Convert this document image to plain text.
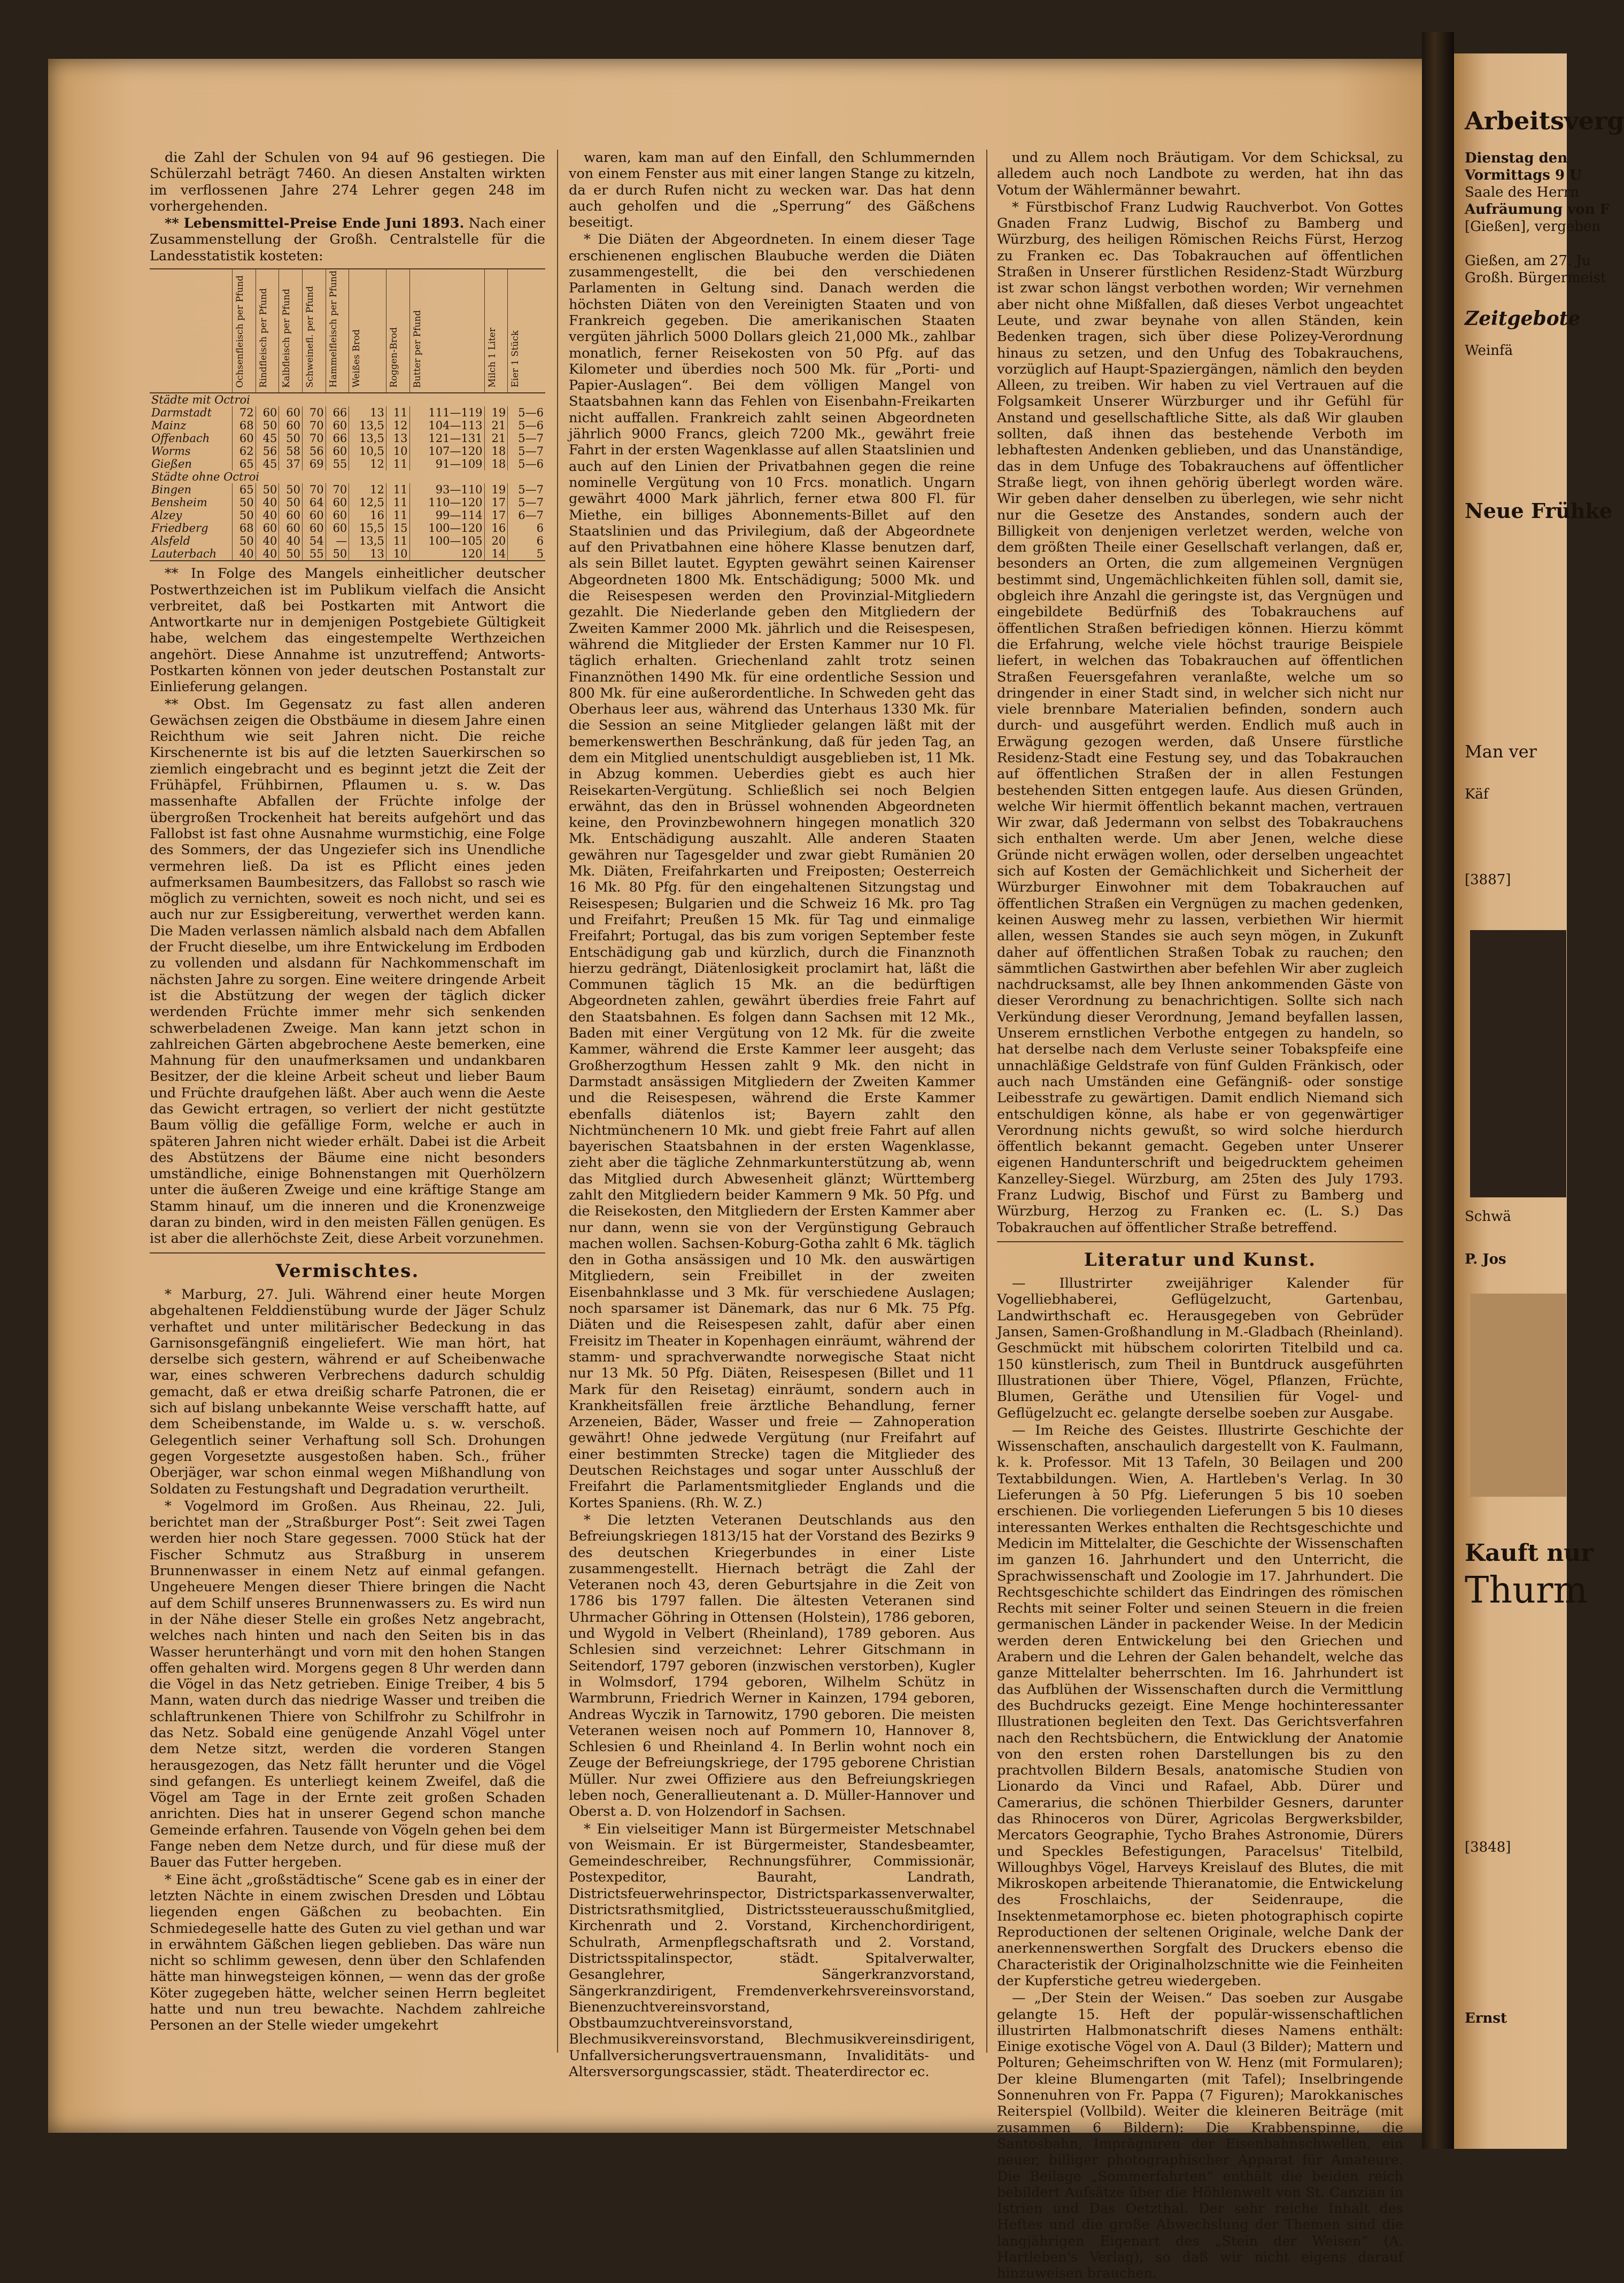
die Zahl der Schulen von 94 auf 96 gestiegen. Die Schülerzahl beträgt 7460. An diesen Anstalten wirkten im verflossenen Jahre 274 Lehrer gegen 248 im vorhergehenden.

** Lebensmittel-Preise Ende Juni 1893. Nach einer Zusammenstellung der Großh. Centralstelle für die Landesstatistik kosteten:

	Ochsenfleisch per Pfund	Rindfleisch per Pfund	Kalbfleisch per Pfund	Schweinefl. per Pfund	Hammelfleisch per Pfund	Weißes Brod	Roggen-Brod	Butter per Pfund	Milch 1 Liter	Eier 1 Stück
Städte mit Octroi										
Darmstadt	72	60	60	70	66	13	11	111—119	19	5—6
Mainz	68	50	60	70	60	13,5	12	104—113	21	5—6
Offenbach	60	45	50	70	66	13,5	13	121—131	21	5—7
Worms	62	56	58	56	60	10,5	10	107—120	18	5—7
Gießen	65	45	37	69	55	12	11	91—109	18	5—6
Städte ohne Octroi										
Bingen	65	50	50	70	70	12	11	93—110	19	5—7
Bensheim	50	40	50	64	60	12,5	11	110—120	17	5—7
Alzey	50	40	60	60	60	16	11	99—114	17	6—7
Friedberg	68	60	60	60	60	15,5	15	100—120	16	6
Alsfeld	50	40	40	54	—	13,5	11	100—105	20	6
Lauterbach	40	40	50	55	50	13	10	120	14	5

** In Folge des Mangels einheitlicher deutscher Postwerthzeichen ist im Publikum vielfach die Ansicht verbreitet, daß bei Postkarten mit Antwort die Antwortkarte nur in demjenigen Postgebiete Gültigkeit habe, welchem das eingestempelte Werthzeichen angehört. Diese Annahme ist unzutreffend; Antworts-Postkarten können von jeder deutschen Postanstalt zur Einlieferung gelangen.

** Obst. Im Gegensatz zu fast allen anderen Gewächsen zeigen die Obstbäume in diesem Jahre einen Reichthum wie seit Jahren nicht. Die reiche Kirschenernte ist bis auf die letzten Sauerkirschen so ziemlich eingebracht und es beginnt jetzt die Zeit der Frühäpfel, Frühbirnen, Pflaumen u. s. w. Das massenhafte Abfallen der Früchte infolge der übergroßen Trockenheit hat bereits aufgehört und das Fallobst ist fast ohne Ausnahme wurmstichig, eine Folge des Sommers, der das Ungeziefer sich ins Unendliche vermehren ließ. Da ist es Pflicht eines jeden aufmerksamen Baumbesitzers, das Fallobst so rasch wie möglich zu vernichten, soweit es noch nicht, und sei es auch nur zur Essigbereitung, verwerthet werden kann. Die Maden verlassen nämlich alsbald nach dem Abfallen der Frucht dieselbe, um ihre Entwickelung im Erdboden zu vollenden und alsdann für Nachkommenschaft im nächsten Jahre zu sorgen. Eine weitere dringende Arbeit ist die Abstützung der wegen der täglich dicker werdenden Früchte immer mehr sich senkenden schwerbeladenen Zweige. Man kann jetzt schon in zahlreichen Gärten abgebrochene Aeste bemerken, eine Mahnung für den unaufmerksamen und undankbaren Besitzer, der die kleine Arbeit scheut und lieber Baum und Früchte draufgehen läßt. Aber auch wenn die Aeste das Gewicht ertragen, so verliert der nicht gestützte Baum völlig die gefällige Form, welche er auch in späteren Jahren nicht wieder erhält. Dabei ist die Arbeit des Abstützens der Bäume eine nicht besonders umständliche, einige Bohnenstangen mit Querhölzern unter die äußeren Zweige und eine kräftige Stange am Stamm hinauf, um die inneren und die Kronenzweige daran zu binden, wird in den meisten Fällen genügen. Es ist aber die allerhöchste Zeit, diese Arbeit vorzunehmen.

Vermischtes.

* Marburg, 27. Juli. Während einer heute Morgen abgehaltenen Felddienstübung wurde der Jäger Schulz verhaftet und unter militärischer Bedeckung in das Garnisonsgefängniß eingeliefert. Wie man hört, hat derselbe sich gestern, während er auf Scheibenwache war, eines schweren Verbrechens dadurch schuldig gemacht, daß er etwa dreißig scharfe Patronen, die er sich auf bislang unbekannte Weise verschafft hatte, auf dem Scheibenstande, im Walde u. s. w. verschoß. Gelegentlich seiner Verhaftung soll Sch. Drohungen gegen Vorgesetzte ausgestoßen haben. Sch., früher Oberjäger, war schon einmal wegen Mißhandlung von Soldaten zu Festungshaft und Degradation verurtheilt.

* Vogelmord im Großen. Aus Rheinau, 22. Juli, berichtet man der „Straßburger Post“: Seit zwei Tagen werden hier noch Stare gegessen. 7000 Stück hat der Fischer Schmutz aus Straßburg in unserem Brunnenwasser in einem Netz auf einmal gefangen. Ungeheuere Mengen dieser Thiere bringen die Nacht auf dem Schilf unseres Brunnenwassers zu. Es wird nun in der Nähe dieser Stelle ein großes Netz angebracht, welches nach hinten und nach den Seiten bis in das Wasser herunterhängt und vorn mit den hohen Stangen offen gehalten wird. Morgens gegen 8 Uhr werden dann die Vögel in das Netz getrieben. Einige Treiber, 4 bis 5 Mann, waten durch das niedrige Wasser und treiben die schlaftrunkenen Thiere von Schilfrohr zu Schilfrohr in das Netz. Sobald eine genügende Anzahl Vögel unter dem Netze sitzt, werden die vorderen Stangen herausgezogen, das Netz fällt herunter und die Vögel sind gefangen. Es unterliegt keinem Zweifel, daß die Vögel am Tage in der Ernte zeit großen Schaden anrichten. Dies hat in unserer Gegend schon manche Gemeinde erfahren. Tausende von Vögeln gehen bei dem Fange neben dem Netze durch, und für diese muß der Bauer das Futter hergeben.

* Eine ächt „großstädtische“ Scene gab es in einer der letzten Nächte in einem zwischen Dresden und Löbtau liegenden engen Gäßchen zu beobachten. Ein Schmiedegeselle hatte des Guten zu viel gethan und war in erwähntem Gäßchen liegen geblieben. Das wäre nun nicht so schlimm gewesen, denn über den Schlafenden hätte man hinwegsteigen können, — wenn das der große Köter zugegeben hätte, welcher seinen Herrn begleitet hatte und nun treu bewachte. Nachdem zahlreiche Personen an der Stelle wieder umgekehrt

waren, kam man auf den Einfall, den Schlummernden von einem Fenster aus mit einer langen Stange zu kitzeln, da er durch Rufen nicht zu wecken war. Das hat denn auch geholfen und die „Sperrung“ des Gäßchens beseitigt.

* Die Diäten der Abgeordneten. In einem dieser Tage erschienenen englischen Blaubuche werden die Diäten zusammengestellt, die bei den verschiedenen Parlamenten in Geltung sind. Danach werden die höchsten Diäten von den Vereinigten Staaten und von Frankreich gegeben. Die amerikanischen Staaten vergüten jährlich 5000 Dollars gleich 21,000 Mk., zahlbar monatlich, ferner Reisekosten von 50 Pfg. auf das Kilometer und überdies noch 500 Mk. für „Porti- und Papier-Auslagen“. Bei dem völligen Mangel von Staatsbahnen kann das Fehlen von Eisenbahn-Freikarten nicht auffallen. Frankreich zahlt seinen Abgeordneten jährlich 9000 Francs, gleich 7200 Mk., gewährt freie Fahrt in der ersten Wagenklasse auf allen Staatslinien und auch auf den Linien der Privatbahnen gegen die reine nominelle Vergütung von 10 Frcs. monatlich. Ungarn gewährt 4000 Mark jährlich, ferner etwa 800 Fl. für Miethe, ein billiges Abonnements-Billet auf den Staatslinien und das Privilegium, daß der Abgeordnete auf den Privatbahnen eine höhere Klasse benutzen darf, als sein Billet lautet. Egypten gewährt seinen Kairenser Abgeordneten 1800 Mk. Entschädigung; 5000 Mk. und die Reisespesen werden den Provinzial-Mitgliedern gezahlt. Die Niederlande geben den Mitgliedern der Zweiten Kammer 2000 Mk. jährlich und die Reisespesen, während die Mitglieder der Ersten Kammer nur 10 Fl. täglich erhalten. Griechenland zahlt trotz seinen Finanznöthen 1490 Mk. für eine ordentliche Session und 800 Mk. für eine außerordentliche. In Schweden geht das Oberhaus leer aus, während das Unterhaus 1330 Mk. für die Session an seine Mitglieder gelangen läßt mit der bemerkenswerthen Beschränkung, daß für jeden Tag, an dem ein Mitglied unentschuldigt ausgeblieben ist, 11 Mk. in Abzug kommen. Ueberdies giebt es auch hier Reisekarten-Vergütung. Schließlich sei noch Belgien erwähnt, das den in Brüssel wohnenden Abgeordneten keine, den Provinzbewohnern hingegen monatlich 320 Mk. Entschädigung auszahlt. Alle anderen Staaten gewähren nur Tagesgelder und zwar giebt Rumänien 20 Mk. Diäten, Freifahrkarten und Freiposten; Oesterreich 16 Mk. 80 Pfg. für den eingehaltenen Sitzungstag und Reisespesen; Bulgarien und die Schweiz 16 Mk. pro Tag und Freifahrt; Preußen 15 Mk. für Tag und einmalige Freifahrt; Portugal, das bis zum vorigen September feste Entschädigung gab und kürzlich, durch die Finanznoth hierzu gedrängt, Diätenlosigkeit proclamirt hat, läßt die Communen täglich 15 Mk. an die bedürftigen Abgeordneten zahlen, gewährt überdies freie Fahrt auf den Staatsbahnen. Es folgen dann Sachsen mit 12 Mk., Baden mit einer Vergütung von 12 Mk. für die zweite Kammer, während die Erste Kammer leer ausgeht; das Großherzogthum Hessen zahlt 9 Mk. den nicht in Darmstadt ansässigen Mitgliedern der Zweiten Kammer und die Reisespesen, während die Erste Kammer ebenfalls diätenlos ist; Bayern zahlt den Nichtmünchenern 10 Mk. und giebt freie Fahrt auf allen bayerischen Staatsbahnen in der ersten Wagenklasse, zieht aber die tägliche Zehnmarkunterstützung ab, wenn das Mitglied durch Abwesenheit glänzt; Württemberg zahlt den Mitgliedern beider Kammern 9 Mk. 50 Pfg. und die Reisekosten, den Mitgliedern der Ersten Kammer aber nur dann, wenn sie von der Vergünstigung Gebrauch machen wollen. Sachsen-Koburg-Gotha zahlt 6 Mk. täglich den in Gotha ansässigen und 10 Mk. den auswärtigen Mitgliedern, sein Freibillet in der zweiten Eisenbahnklasse und 3 Mk. für verschiedene Auslagen; noch sparsamer ist Dänemark, das nur 6 Mk. 75 Pfg. Diäten und die Reisespesen zahlt, dafür aber einen Freisitz im Theater in Kopenhagen einräumt, während der stamm- und sprachverwandte norwegische Staat nicht nur 13 Mk. 50 Pfg. Diäten, Reisespesen (Billet und 11 Mark für den Reisetag) einräumt, sondern auch in Krankheitsfällen freie ärztliche Behandlung, ferner Arzeneien, Bäder, Wasser und freie — Zahnoperation gewährt! Ohne jedwede Vergütung (nur Freifahrt auf einer bestimmten Strecke) tagen die Mitglieder des Deutschen Reichstages und sogar unter Ausschluß der Freifahrt die Parlamentsmitglieder Englands und die Kortes Spaniens. (Rh. W. Z.)

* Die letzten Veteranen Deutschlands aus den Befreiungskriegen 1813/15 hat der Vorstand des Bezirks 9 des deutschen Kriegerbundes in einer Liste zusammengestellt. Hiernach beträgt die Zahl der Veteranen noch 43, deren Geburtsjahre in die Zeit von 1786 bis 1797 fallen. Die ältesten Veteranen sind Uhrmacher Göhring in Ottensen (Holstein), 1786 geboren, und Wygold in Velbert (Rheinland), 1789 geboren. Aus Schlesien sind verzeichnet: Lehrer Gitschmann in Seitendorf, 1797 geboren (inzwischen verstorben), Kugler in Wolmsdorf, 1794 geboren, Wilhelm Schütz in Warmbrunn, Friedrich Werner in Kainzen, 1794 geboren, Andreas Wyczik in Tarnowitz, 1790 geboren. Die meisten Veteranen weisen noch auf Pommern 10, Hannover 8, Schlesien 6 und Rheinland 4. In Berlin wohnt noch ein Zeuge der Befreiungskriege, der 1795 geborene Christian Müller. Nur zwei Offiziere aus den Befreiungskriegen leben noch, Generallieutenant a. D. Müller-Hannover und Oberst a. D. von Holzendorf in Sachsen.

* Ein vielseitiger Mann ist Bürgermeister Metschnabel von Weismain. Er ist Bürgermeister, Standesbeamter, Gemeindeschreiber, Rechnungsführer, Commissionär, Postexpeditor, Bauraht, Landrath, Districtsfeuerwehrinspector, Districtsparkassenverwalter, Districtsrathsmitglied, Districtssteuerausschußmitglied, Kirchenrath und 2. Vorstand, Kirchenchordirigent, Schulrath, Armenpflegschaftsrath und 2. Vorstand, Districtsspitalinspector, städt. Spitalverwalter, Gesanglehrer, Sängerkranzvorstand, Sängerkranzdirigent, Fremdenverkehrsvereinsvorstand, Bienenzuchtvereinsvorstand, Obstbaumzuchtvereinsvorstand, Blechmusikvereinsvorstand, Blechmusikvereinsdirigent, Unfallversicherungsvertrauensmann, Invaliditäts- und Altersversorgungscassier, städt. Theaterdirector ec.

und zu Allem noch Bräutigam. Vor dem Schicksal, zu alledem auch noch Landbote zu werden, hat ihn das Votum der Wählermänner bewahrt.

* Fürstbischof Franz Ludwig Rauchverbot. Von Gottes Gnaden Franz Ludwig, Bischof zu Bamberg und Würzburg, des heiligen Römischen Reichs Fürst, Herzog zu Franken ec. Das Tobakrauchen auf öffentlichen Straßen in Unserer fürstlichen Residenz-Stadt Würzburg ist zwar schon längst verbothen worden; Wir vernehmen aber nicht ohne Mißfallen, daß dieses Verbot ungeachtet Leute, und zwar beynahe von allen Ständen, kein Bedenken tragen, sich über diese Polizey-Verordnung hinaus zu setzen, und den Unfug des Tobakrauchens, vorzüglich auf Haupt-Spaziergängen, nämlich den beyden Alleen, zu treiben. Wir haben zu viel Vertrauen auf die Folgsamkeit Unserer Würzburger und ihr Gefühl für Anstand und gesellschaftliche Sitte, als daß Wir glauben sollten, daß ihnen das bestehende Verboth im lebhaftesten Andenken geblieben, und das Unanständige, das in dem Unfuge des Tobakrauchens auf öffentlicher Straße liegt, von ihnen gehörig überlegt worden wäre. Wir geben daher denselben zu überlegen, wie sehr nicht nur die Gesetze des Anstandes, sondern auch der Billigkeit von denjenigen verletzet werden, welche von dem größten Theile einer Gesellschaft verlangen, daß er, besonders an Orten, die zum allgemeinen Vergnügen bestimmt sind, Ungemächlichkeiten fühlen soll, damit sie, obgleich ihre Anzahl die geringste ist, das Vergnügen und eingebildete Bedürfniß des Tobakrauchens auf öffentlichen Straßen befriedigen können. Hierzu kömmt die Erfahrung, welche viele höchst traurige Beispiele liefert, in welchen das Tobakrauchen auf öffentlichen Straßen Feuersgefahren veranlaßte, welche um so dringender in einer Stadt sind, in welcher sich nicht nur viele brennbare Materialien befinden, sondern auch durch- und ausgeführt werden. Endlich muß auch in Erwägung gezogen werden, daß Unsere fürstliche Residenz-Stadt eine Festung sey, und das Tobakrauchen auf öffentlichen Straßen der in allen Festungen bestehenden Sitten entgegen laufe. Aus diesen Gründen, welche Wir hiermit öffentlich bekannt machen, vertrauen Wir zwar, daß Jedermann von selbst des Tobakrauchens sich enthalten werde. Um aber Jenen, welche diese Gründe nicht erwägen wollen, oder derselben ungeachtet sich auf Kosten der Gemächlichkeit und Sicherheit der Würzburger Einwohner mit dem Tobakrauchen auf öffentlichen Straßen ein Vergnügen zu machen gedenken, keinen Ausweg mehr zu lassen, verbiethen Wir hiermit allen, wessen Standes sie auch seyn mögen, in Zukunft daher auf öffentlichen Straßen Tobak zu rauchen; den sämmtlichen Gastwirthen aber befehlen Wir aber zugleich nachdrucksamst, alle bey Ihnen ankommenden Gäste von dieser Verordnung zu benachrichtigen. Sollte sich nach Verkündung dieser Verordnung, Jemand beyfallen lassen, Unserem ernstlichen Verbothe entgegen zu handeln, so hat derselbe nach dem Verluste seiner Tobakspfeife eine unnachläßige Geldstrafe von fünf Gulden Fränkisch, oder auch nach Umständen eine Gefängniß- oder sonstige Leibesstrafe zu gewärtigen. Damit endlich Niemand sich entschuldigen könne, als habe er von gegenwärtiger Verordnung nichts gewußt, so wird solche hierdurch öffentlich bekannt gemacht. Gegeben unter Unserer eigenen Handunterschrift und beigedrucktem geheimen Kanzelley-Siegel. Würzburg, am 25ten des July 1793. Franz Ludwig, Bischof und Fürst zu Bamberg und Würzburg, Herzog zu Franken ec. (L. S.) Das Tobakrauchen auf öffentlicher Straße betreffend.

Literatur und Kunst.

— Illustrirter zweijähriger Kalender für Vogelliebhaberei, Geflügelzucht, Gartenbau, Landwirthschaft ec. Herausgegeben von Gebrüder Jansen, Samen-Großhandlung in M.-Gladbach (Rheinland). Geschmückt mit hübschem colorirten Titelbild und ca. 150 künstlerisch, zum Theil in Buntdruck ausgeführten Illustrationen über Thiere, Vögel, Pflanzen, Früchte, Blumen, Geräthe und Utensilien für Vogel- und Geflügelzucht ec. gelangte derselbe soeben zur Ausgabe.

— Im Reiche des Geistes. Illustrirte Geschichte der Wissenschaften, anschaulich dargestellt von K. Faulmann, k. k. Professor. Mit 13 Tafeln, 30 Beilagen und 200 Textabbildungen. Wien, A. Hartleben's Verlag. In 30 Lieferungen à 50 Pfg. Lieferungen 5 bis 10 soeben erschienen. Die vorliegenden Lieferungen 5 bis 10 dieses interessanten Werkes enthalten die Rechtsgeschichte und Medicin im Mittelalter, die Geschichte der Wissenschaften im ganzen 16. Jahrhundert und den Unterricht, die Sprachwissenschaft und Zoologie im 17. Jahrhundert. Die Rechtsgeschichte schildert das Eindringen des römischen Rechts mit seiner Folter und seinen Steuern in die freien germanischen Länder in packender Weise. In der Medicin werden deren Entwickelung bei den Griechen und Arabern und die Lehren der Galen behandelt, welche das ganze Mittelalter beherrschten. Im 16. Jahrhundert ist das Aufblühen der Wissenschaften durch die Vermittlung des Buchdrucks gezeigt. Eine Menge hochinteressanter Illustrationen begleiten den Text. Das Gerichtsverfahren nach den Rechtsbüchern, die Entwicklung der Anatomie von den ersten rohen Darstellungen bis zu den prachtvollen Bildern Besals, anatomische Studien von Lionardo da Vinci und Rafael, Abb. Dürer und Camerarius, die schönen Thierbilder Gesners, darunter das Rhinoceros von Dürer, Agricolas Bergwerksbilder, Mercators Geographie, Tycho Brahes Astronomie, Dürers und Speckles Befestigungen, Paracelsus' Titelbild, Willoughbys Vögel, Harveys Kreislauf des Blutes, die mit Mikroskopen arbeitende Thieranatomie, die Entwickelung des Froschlaichs, der Seidenraupe, die Insektenmetamorphose ec. bieten photographisch copirte Reproductionen der seltenen Originale, welche Dank der anerkennenswerthen Sorgfalt des Druckers ebenso die Characteristik der Originalholzschnitte wie die Feinheiten der Kupferstiche getreu wiedergeben.

— „Der Stein der Weisen.“ Das soeben zur Ausgabe gelangte 15. Heft der populär-wissenschaftlichen illustrirten Halbmonatschrift dieses Namens enthält: Einige exotische Vögel von A. Daul (3 Bilder); Mattern und Polturen; Geheimschriften von W. Henz (mit Formularen); Der kleine Blumengarten (mit Tafel); Inselbringende Sonnenuhren von Fr. Pappa (7 Figuren); Marokkanisches Reiterspiel (Vollbild). Weiter die kleineren Beiträge (mit zusammen 6 Bildern): Die Krabbenspinne, die Santosbahn, Imprägniren der Eisenbahnschwellen, ein neuer, billiger photographischer Apparat für Amateure. Die Beilage „Sommerfahrten“ enthält die beiden reich bebildert Aufsätze über die Höhlenwelt von St. Canzian in Istrien und Das Oetzthal. Der sehr reiche Inhalt des Heftes und die große Abwechslung der Themen sind die langjährigen Eigenart des „Stein der Weisen“ (A. Hartleben's Verlag), so daß wir nicht eigens darauf hinzuweisen brauchen.

Arbeitsverg
Dienstag den
Vormittags 9 U
Saale des Herrn
Aufräumung von F
[Gießen], vergeben
Gießen, am 27. Ju
Großh. Bürgermeist
Zeitgebote
Weinfä
Neue Frühke
Man ver
Käf
[3887]
Schwä
P. Jos
Kauft nur
Thurm
[3848]
Ernst
